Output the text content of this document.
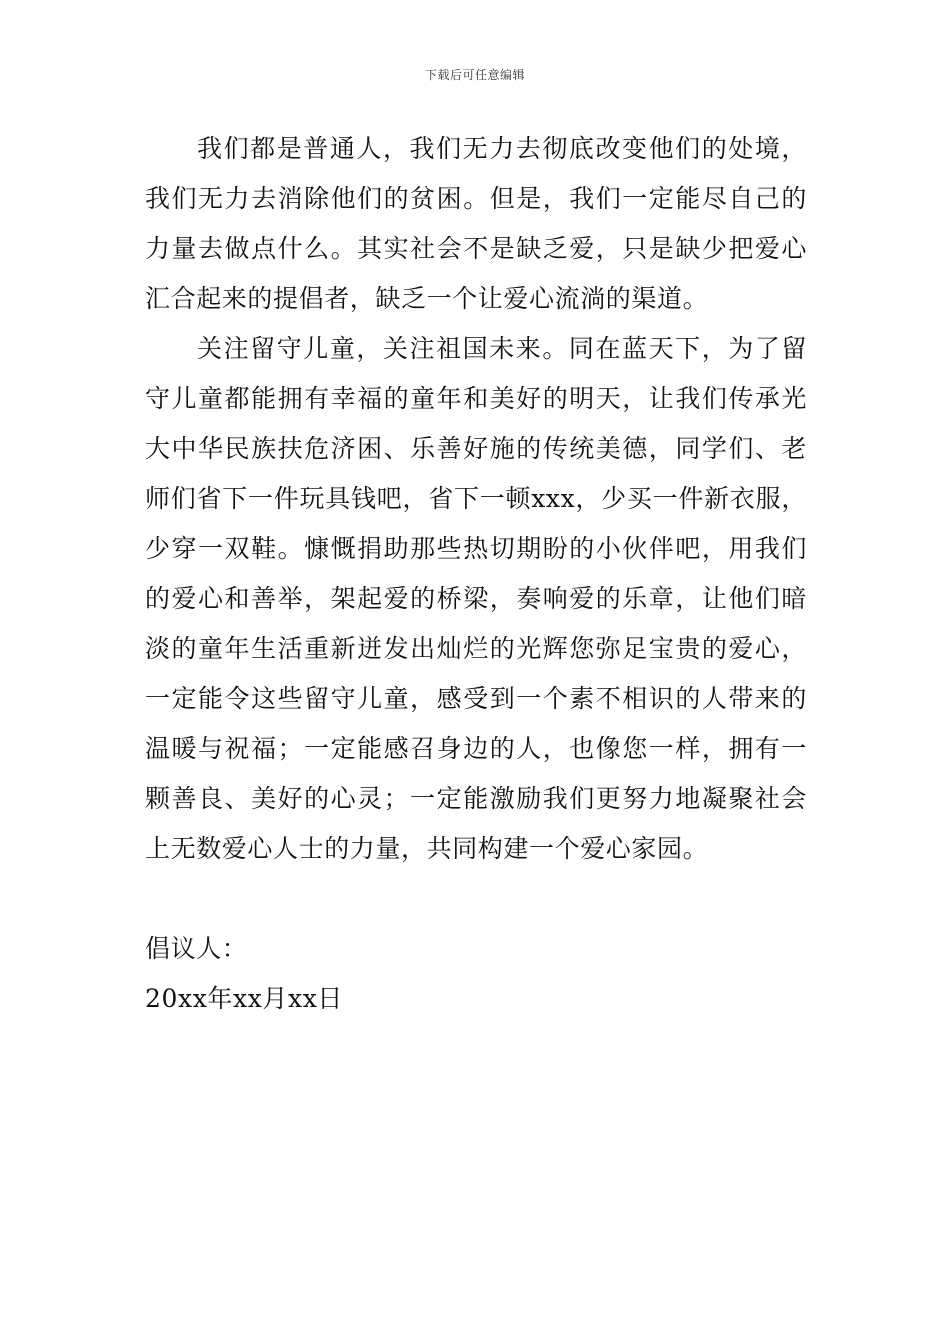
下载后可任意编辑

我们都是普通人，我们无力去彻底改变他们的处境，我们无力去消除他们的贫困。但是，我们一定能尽自己的力量去做点什么。其实社会不是缺乏爱，只是缺少把爱心汇合起来的提倡者，缺乏一个让爱心流淌的渠道。

关注留守儿童，关注祖国未来。同在蓝天下，为了留守儿童都能拥有幸福的童年和美好的明天，让我们传承光大中华民族扶危济困、乐善好施的传统美德，同学们、老师们省下一件玩具钱吧，省下一顿xxx，少买一件新衣服，少穿一双鞋。慷慨捐助那些热切期盼的小伙伴吧，用我们的爱心和善举，架起爱的桥梁，奏响爱的乐章，让他们暗淡的童年生活重新迸发出灿烂的光辉您弥足宝贵的爱心，一定能令这些留守儿童，感受到一个素不相识的人带来的温暖与祝福；一定能感召身边的人，也像您一样，拥有一颗善良、美好的心灵；一定能激励我们更努力地凝聚社会上无数爱心人士的力量，共同构建一个爱心家园。

倡议人：

20xx年xx月xx日
